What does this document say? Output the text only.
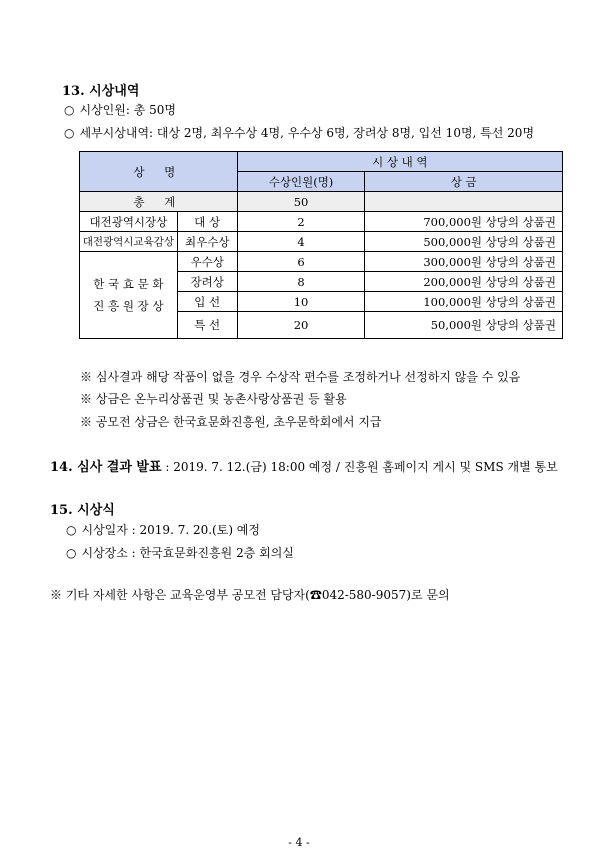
13. 시상내역
○ 시상인원: 총 50명
○ 세부시상내역: 대상 2명, 최우수상 4명, 우수상 6명, 장려상 8명, 입선 10명, 특선 20명
상 명		시 상 내 역	
		수상인원(명)	상 금
총 계		50	
대전광역시장상	대 상	2	700,000원 상당의 상품권
대전광역시교육감상	최우수상	4	500,000원 상당의 상품권
한 국 효 문 화
진 흥 원 장 상	우수상	6	300,000원 상당의 상품권
	장려상	8	200,000원 상당의 상품권
	입 선	10	100,000원 상당의 상품권
	특 선	20	50,000원 상당의 상품권
※ 심사결과 해당 작품이 없을 경우 수상작 편수를 조정하거나 선정하지 않을 수 있음
※ 상금은 온누리상품권 및 농촌사랑상품권 등 활용
※ 공모전 상금은 한국효문화진흥원, 초우문학회에서 지급
14. 심사 결과 발표 : 2019. 7. 12.(금) 18:00 예정 / 진흥원 홈페이지 게시 및 SMS 개별 통보
15. 시상식
○ 시상일자 : 2019. 7. 20.(토) 예정
○ 시상장소 : 한국효문화진흥원 2층 회의실
※ 기타 자세한 사항은 교육운영부 공모전 담당자(☎042-580-9057)로 문의
- 4 -
